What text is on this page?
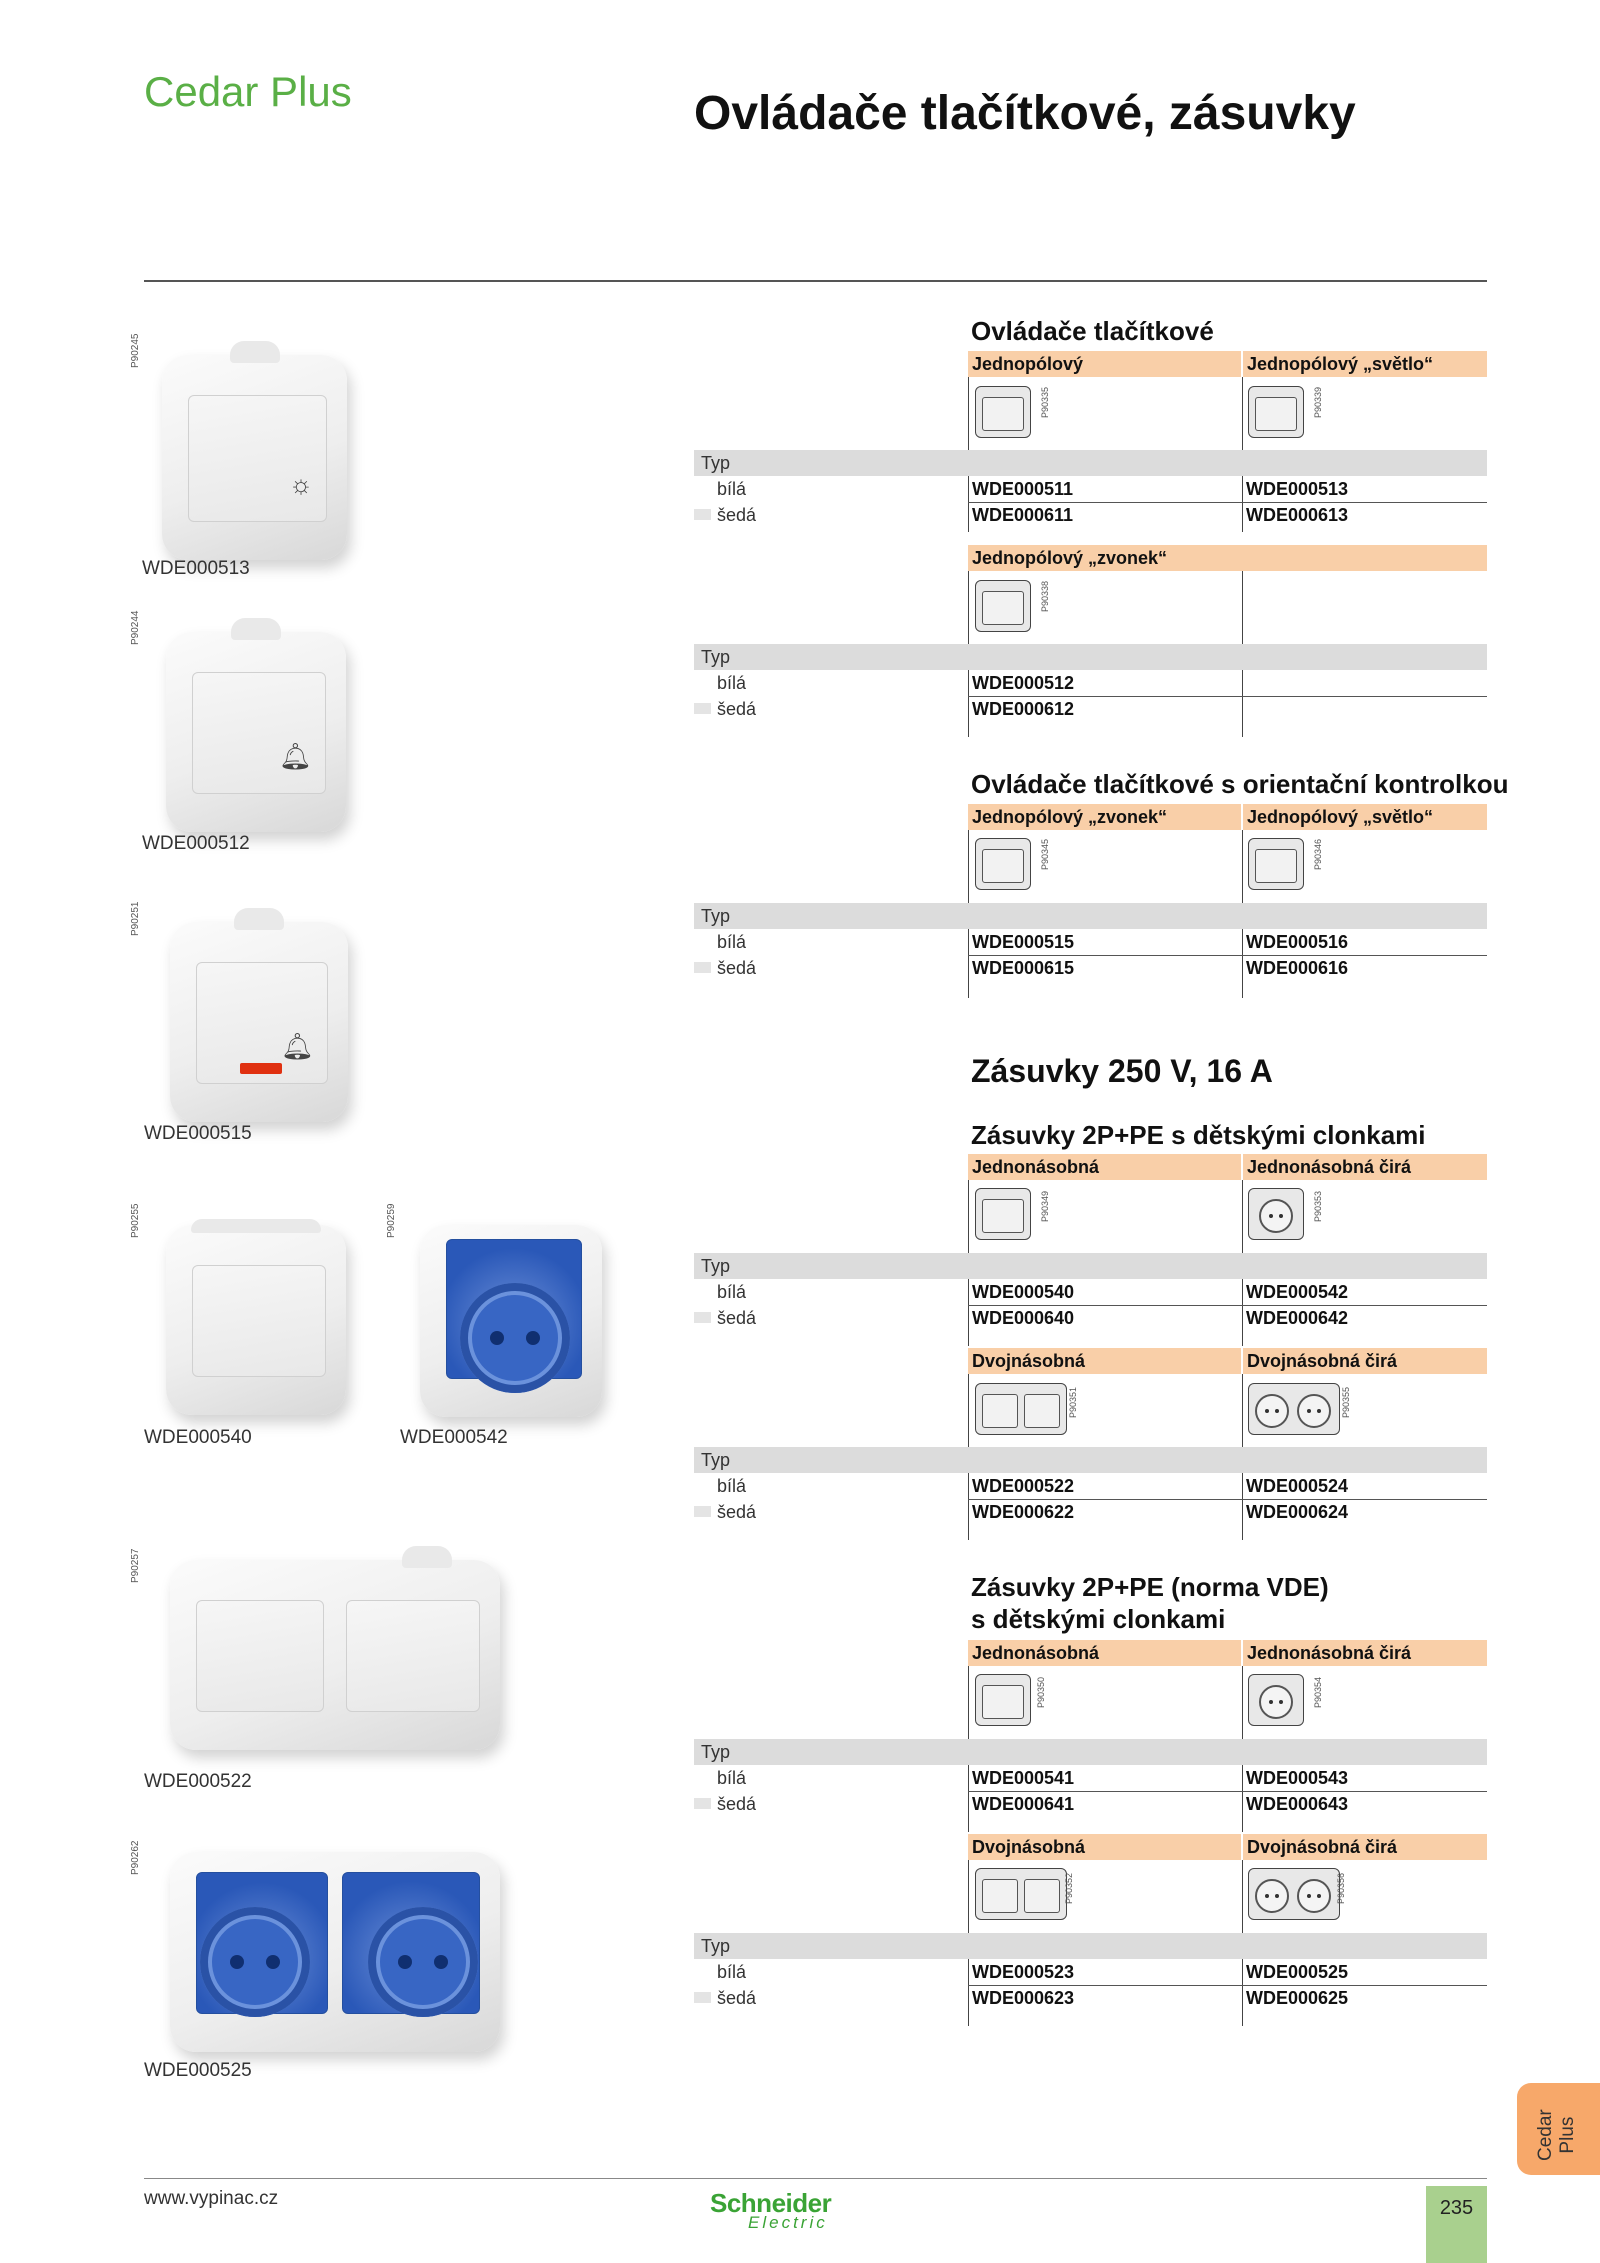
Cedar Plus	Ovládače tlačítkové, zásuvky
P90245
☼
WDE000513
P90244
🔔︎
WDE000512
P90251
🔔︎
WDE000515
P90255
WDE000540
P90259
WDE000542
P90257
WDE000522
P90262
WDE000525
Ovládače tlačítkové
Jednopólový	Jednopólový „světlo“
P90335	P90339
Typ
bílá	WDE000511	WDE000513
šedá	WDE000611	WDE000613
Jednopólový „zvonek“
P90338
Typ
bílá	WDE000512
šedá	WDE000612
Ovládače tlačítkové s orientační kontrolkou
Jednopólový „zvonek“	Jednopólový „světlo“
P90345	P90346
Typ
bílá	WDE000515	WDE000516
šedá	WDE000615	WDE000616
Zásuvky 250 V, 16 A
Zásuvky 2P+PE s dětskými clonkami
Jednonásobná	Jednonásobná čirá
P90349	P90353
Typ
bílá	WDE000540	WDE000542
šedá	WDE000640	WDE000642
Dvojnásobná	Dvojnásobná čirá
P90351	P90355
Typ
bílá	WDE000522	WDE000524
šedá	WDE000622	WDE000624
Zásuvky 2P+PE (norma VDE)
s dětskými clonkami
Jednonásobná	Jednonásobná čirá
P90350	P90354
Typ
bílá	WDE000541	WDE000543
šedá	WDE000641	WDE000643
Dvojnásobná	Dvojnásobná čirá
P90352	P90356
Typ
bílá	WDE000523	WDE000525
šedá	WDE000623	WDE000625
Cedar Plus
www.vypinac.cz	Schneider
Electric
235
